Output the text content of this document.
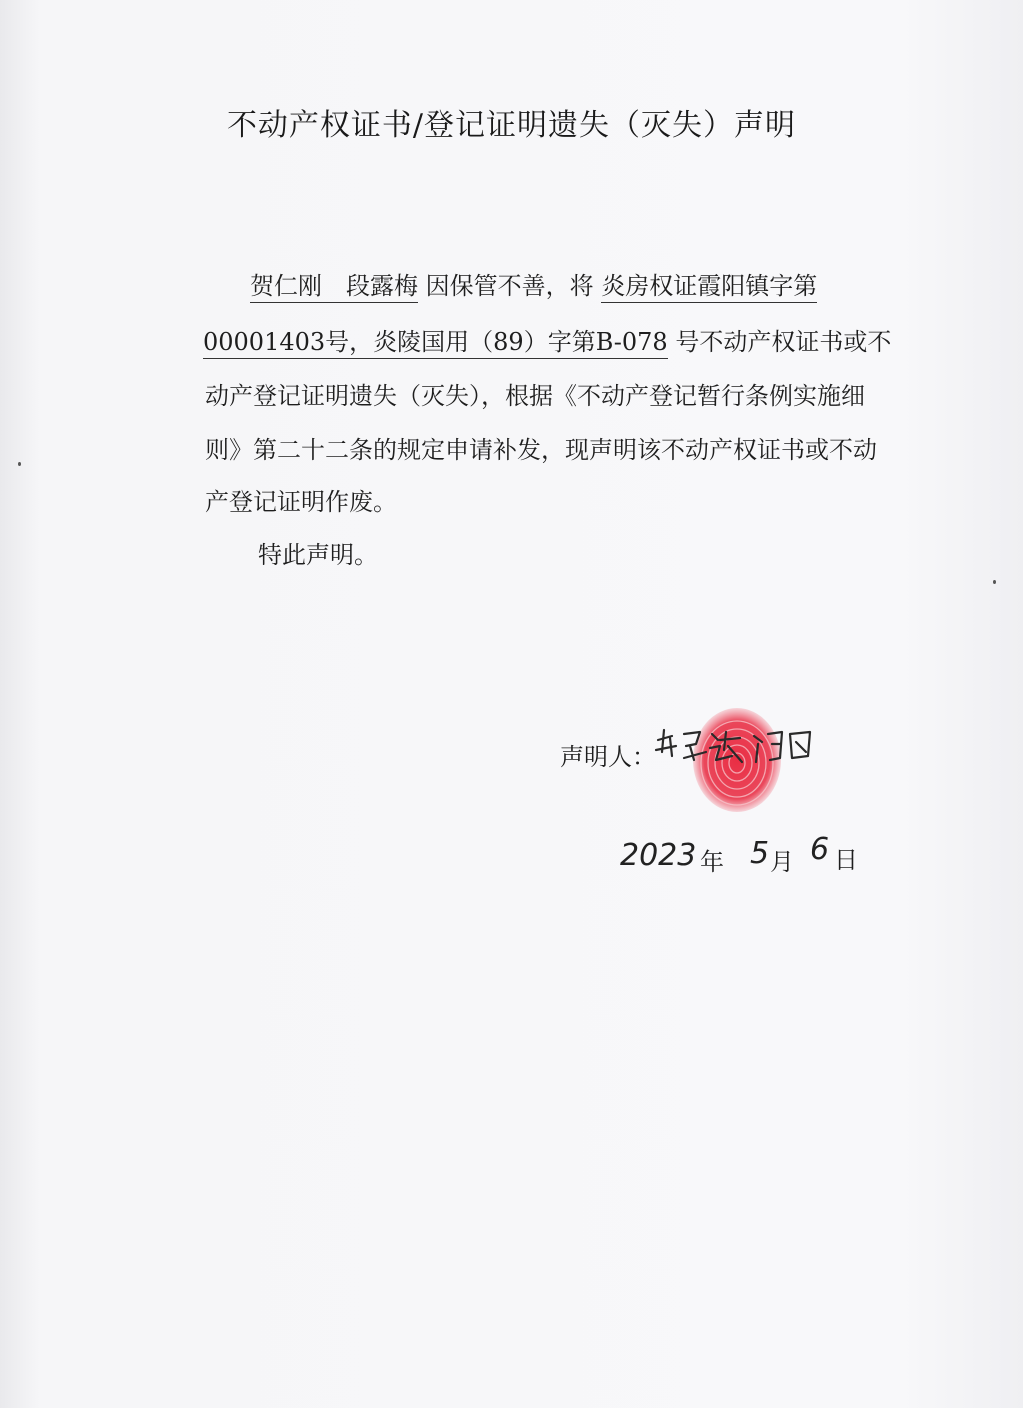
不动产权证书/登记证明遗失（灭失）声明
贺仁刚　段露梅 因保管不善，将 炎房权证霞阳镇字第
00001403号，炎陵国用（89）字第B-078 号不动产权证书或不
动产登记证明遗失（灭失），根据《不动产登记暂行条例实施细
则》第二十二条的规定申请补发，现声明该不动产权证书或不动
产登记证明作废。
特此声明。
声明人：
2023 年 5 月 6 日
